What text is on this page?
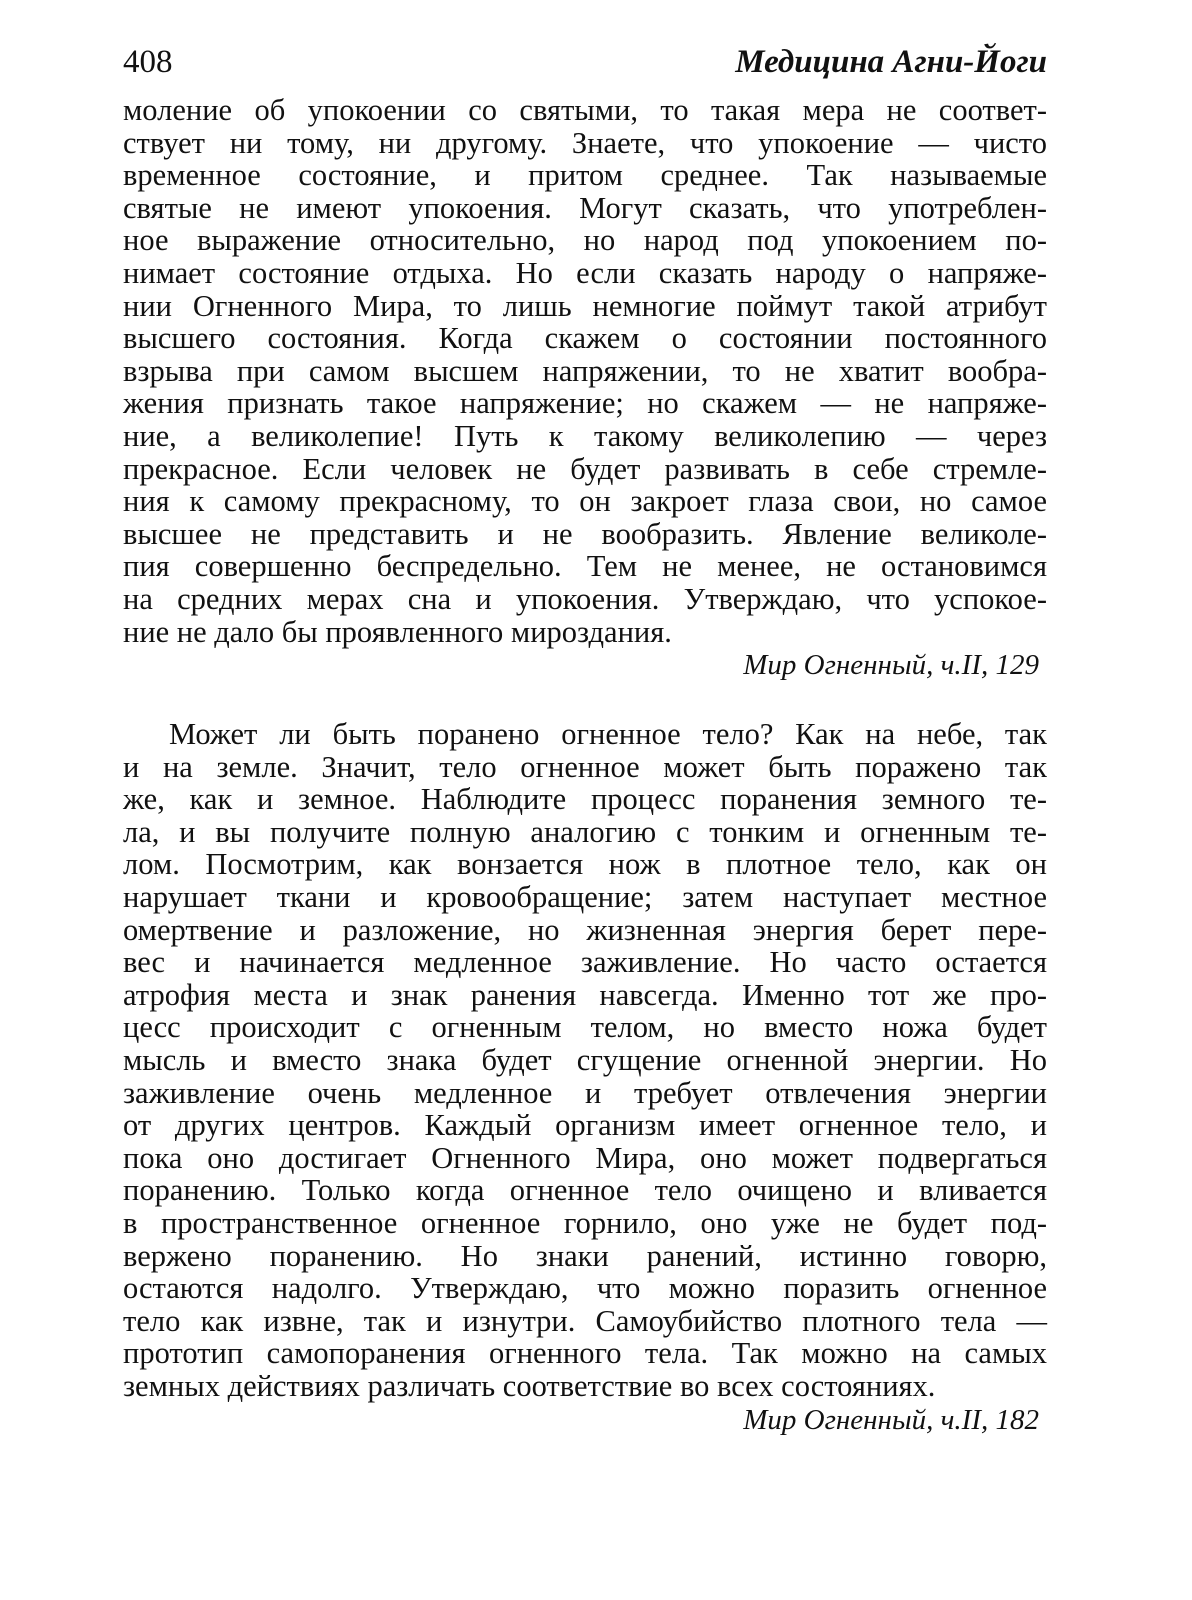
408	Медицина Агни-Йоги
моление об упокоении со святыми, то такая мера не соответ-
ствует ни тому, ни другому. Знаете, что упокоение — чисто
временное состояние, и притом среднее. Так называемые
святые не имеют упокоения. Могут сказать, что употреблен-
ное выражение относительно, но народ под упокоением по-
нимает состояние отдыха. Но если сказать народу о напряже-
нии Огненного Мира, то лишь немногие поймут такой атрибут
высшего состояния. Когда скажем о состоянии постоянного
взрыва при самом высшем напряжении, то не хватит вообра-
жения признать такое напряжение; но скажем — не напряже-
ние, а великолепие! Путь к такому великолепию — через
прекрасное. Если человек не будет развивать в себе стремле-
ния к самому прекрасному, то он закроет глаза свои, но самое
высшее не представить и не вообразить. Явление великоле-
пия совершенно беспредельно. Тем не менее, не остановимся
на средних мерах сна и упокоения. Утверждаю, что успокое-
ние не дало бы проявленного мироздания.
Мир Огненный, ч.II, 129
Может ли быть поранено огненное тело? Как на небе, так
и на земле. Значит, тело огненное может быть поражено так
же, как и земное. Наблюдите процесс поранения земного те-
ла, и вы получите полную аналогию с тонким и огненным те-
лом. Посмотрим, как вонзается нож в плотное тело, как он
нарушает ткани и кровообращение; затем наступает местное
омертвение и разложение, но жизненная энергия берет пере-
вес и начинается медленное заживление. Но часто остается
атрофия места и знак ранения навсегда. Именно тот же про-
цесс происходит с огненным телом, но вместо ножа будет
мысль и вместо знака будет сгущение огненной энергии. Но
заживление очень медленное и требует отвлечения энергии
от других центров. Каждый организм имеет огненное тело, и
пока оно достигает Огненного Мира, оно может подвергаться
поранению. Только когда огненное тело очищено и вливается
в пространственное огненное горнило, оно уже не будет под-
вержено поранению. Но знаки ранений, истинно говорю,
остаются надолго. Утверждаю, что можно поразить огненное
тело как извне, так и изнутри. Самоубийство плотного тела —
прототип самопоранения огненного тела. Так можно на самых
земных действиях различать соответствие во всех состояниях.
Мир Огненный, ч.II, 182
